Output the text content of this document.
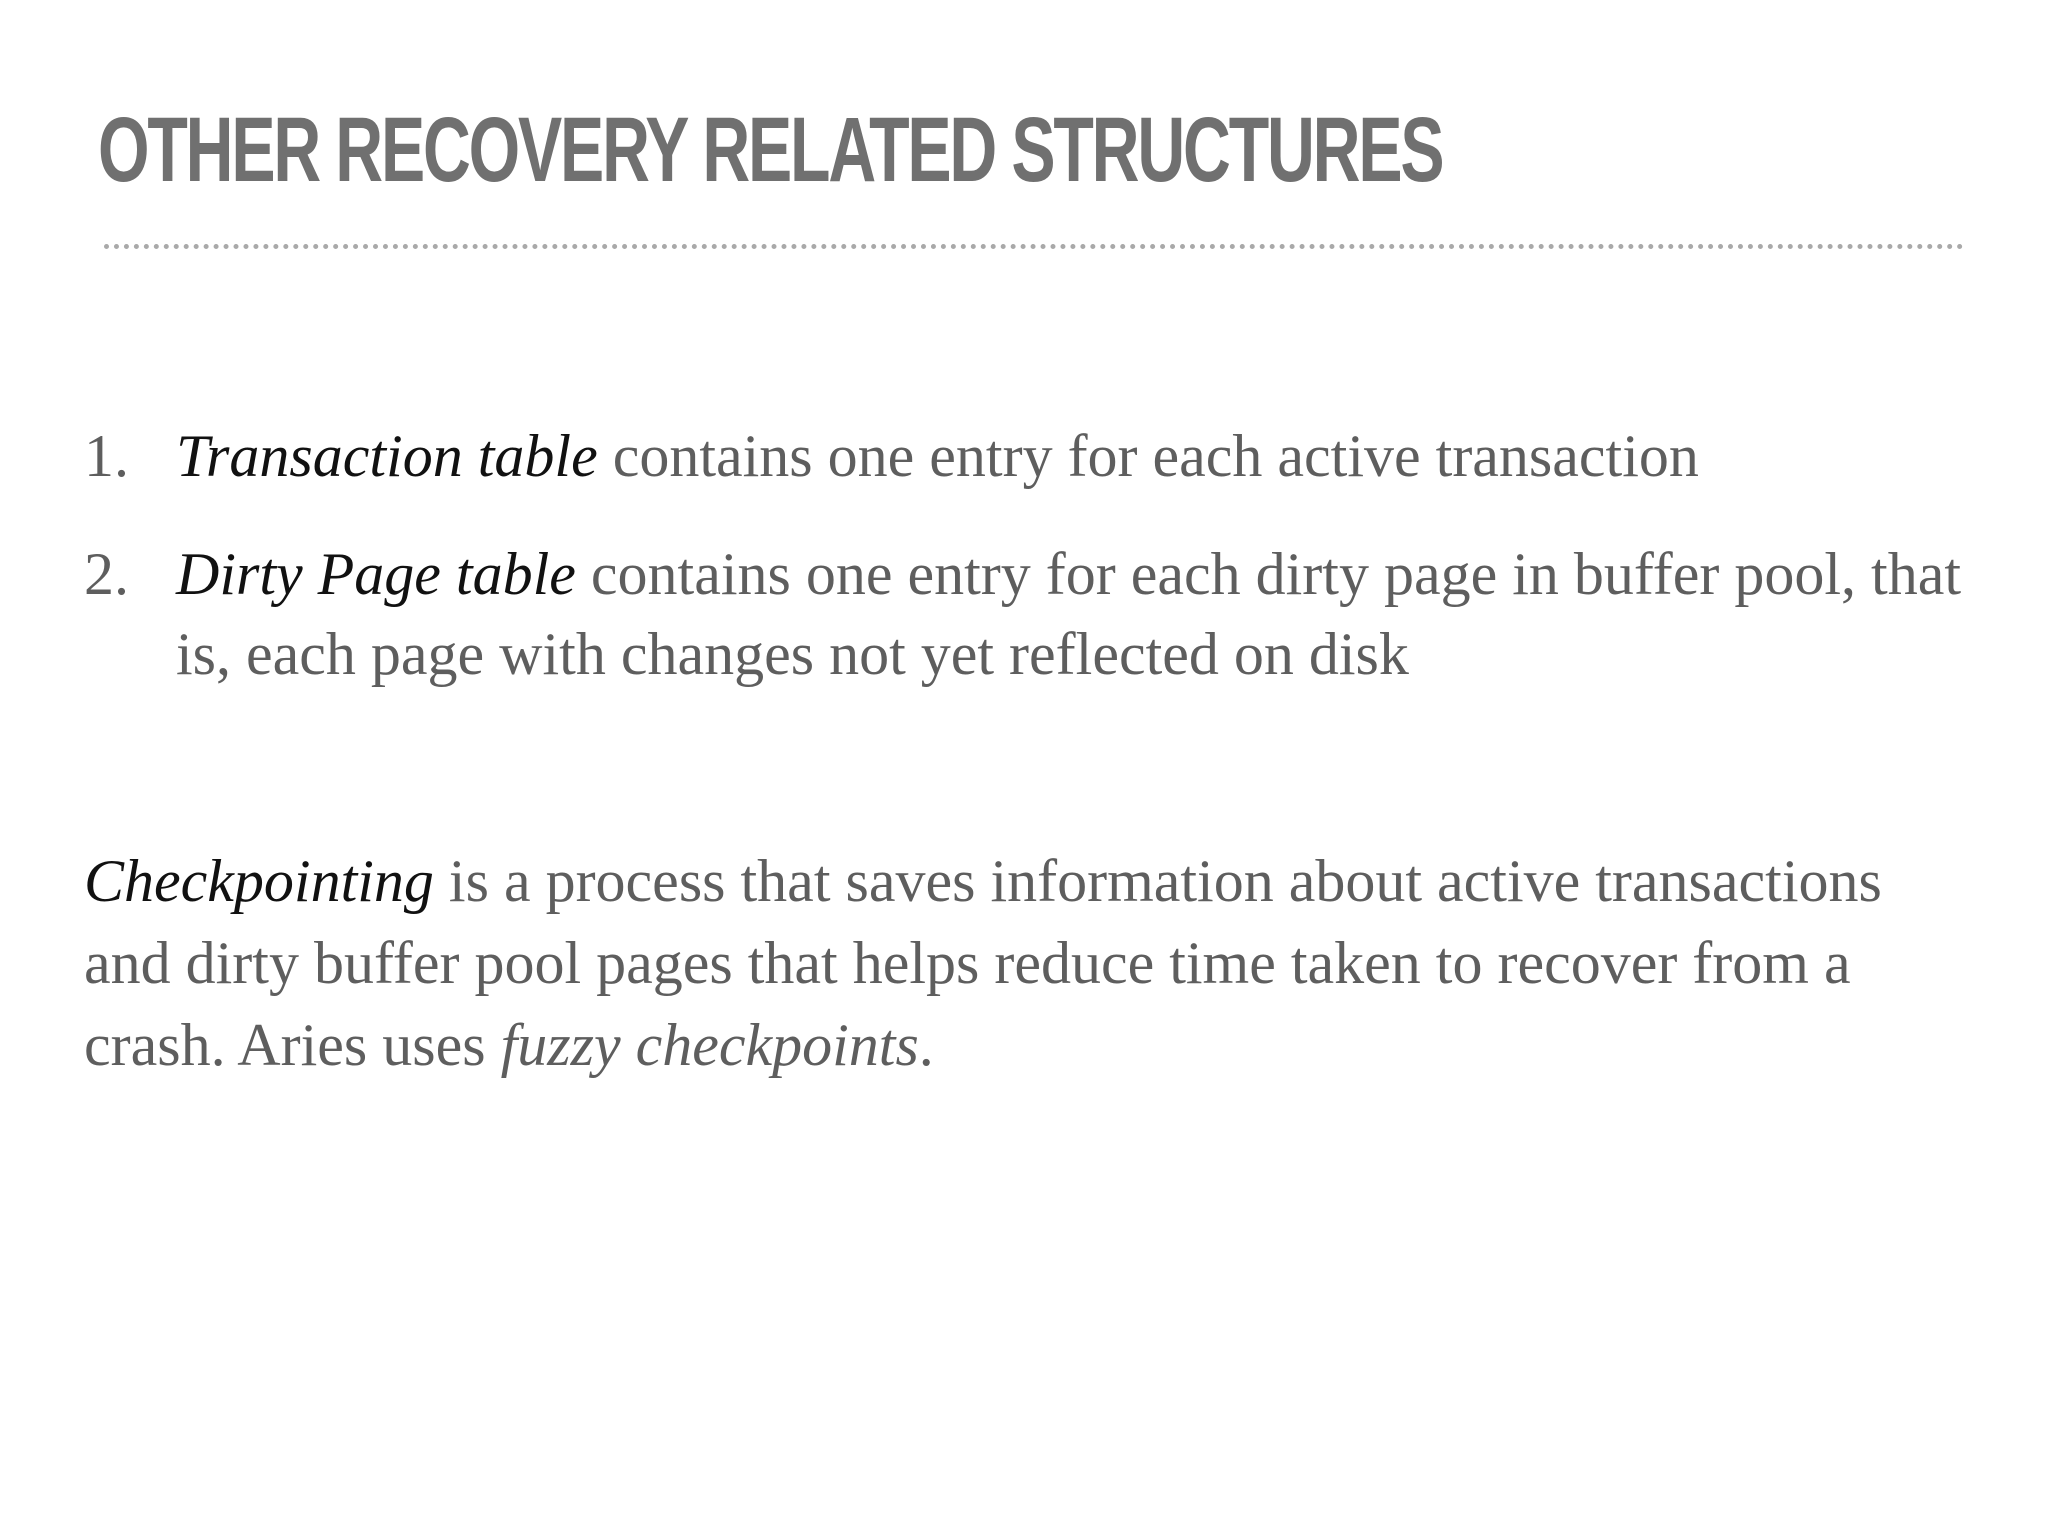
OTHER RECOVERY RELATED STRUCTURES
1. Transaction table contains one entry for each active transaction
2. Dirty Page table contains one entry for each dirty page in buffer pool, that is, each page with changes not yet reflected on disk

Checkpointing is a process that saves information about active transactions and dirty buffer pool pages that helps reduce time taken to recover from a crash. Aries uses fuzzy checkpoints.
